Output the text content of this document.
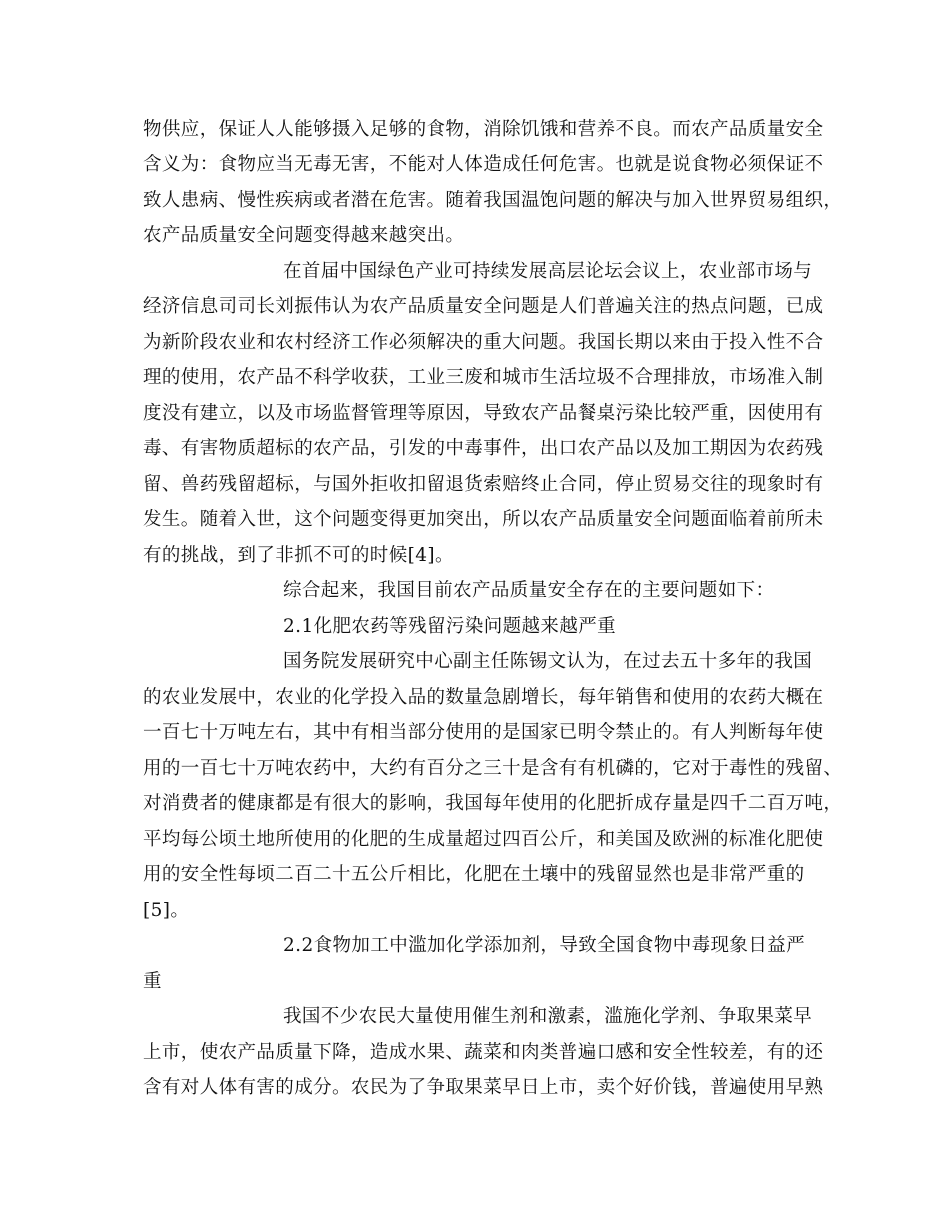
物供应，保证人人能够摄入足够的食物，消除饥饿和营养不良。而农产品质量安全
含义为：食物应当无毒无害，不能对人体造成任何危害。也就是说食物必须保证不
致人患病、慢性疾病或者潜在危害。随着我国温饱问题的解决与加入世界贸易组织，
农产品质量安全问题变得越来越突出。
在首届中国绿色产业可持续发展高层论坛会议上，农业部市场与
经济信息司司长刘振伟认为农产品质量安全问题是人们普遍关注的热点问题，已成
为新阶段农业和农村经济工作必须解决的重大问题。我国长期以来由于投入性不合
理的使用，农产品不科学收获，工业三废和城市生活垃圾不合理排放，市场准入制
度没有建立，以及市场监督管理等原因，导致农产品餐桌污染比较严重，因使用有
毒、有害物质超标的农产品，引发的中毒事件，出口农产品以及加工期因为农药残
留、兽药残留超标，与国外拒收扣留退货索赔终止合同，停止贸易交往的现象时有
发生。随着入世，这个问题变得更加突出，所以农产品质量安全问题面临着前所未
有的挑战，到了非抓不可的时候[4]。
综合起来，我国目前农产品质量安全存在的主要问题如下：
2.1化肥农药等残留污染问题越来越严重
国务院发展研究中心副主任陈锡文认为，在过去五十多年的我国
的农业发展中，农业的化学投入品的数量急剧增长，每年销售和使用的农药大概在
一百七十万吨左右，其中有相当部分使用的是国家已明令禁止的。有人判断每年使
用的一百七十万吨农药中，大约有百分之三十是含有有机磷的，它对于毒性的残留、
对消费者的健康都是有很大的影响，我国每年使用的化肥折成存量是四千二百万吨，
平均每公顷土地所使用的化肥的生成量超过四百公斤，和美国及欧洲的标准化肥使
用的安全性每顷二百二十五公斤相比，化肥在土壤中的残留显然也是非常严重的
[5]。
2.2食物加工中滥加化学添加剂，导致全国食物中毒现象日益严
重
我国不少农民大量使用催生剂和激素，滥施化学剂、争取果菜早
上市，使农产品质量下降，造成水果、蔬菜和肉类普遍口感和安全性较差，有的还
含有对人体有害的成分。农民为了争取果菜早日上市，卖个好价钱，普遍使用早熟
